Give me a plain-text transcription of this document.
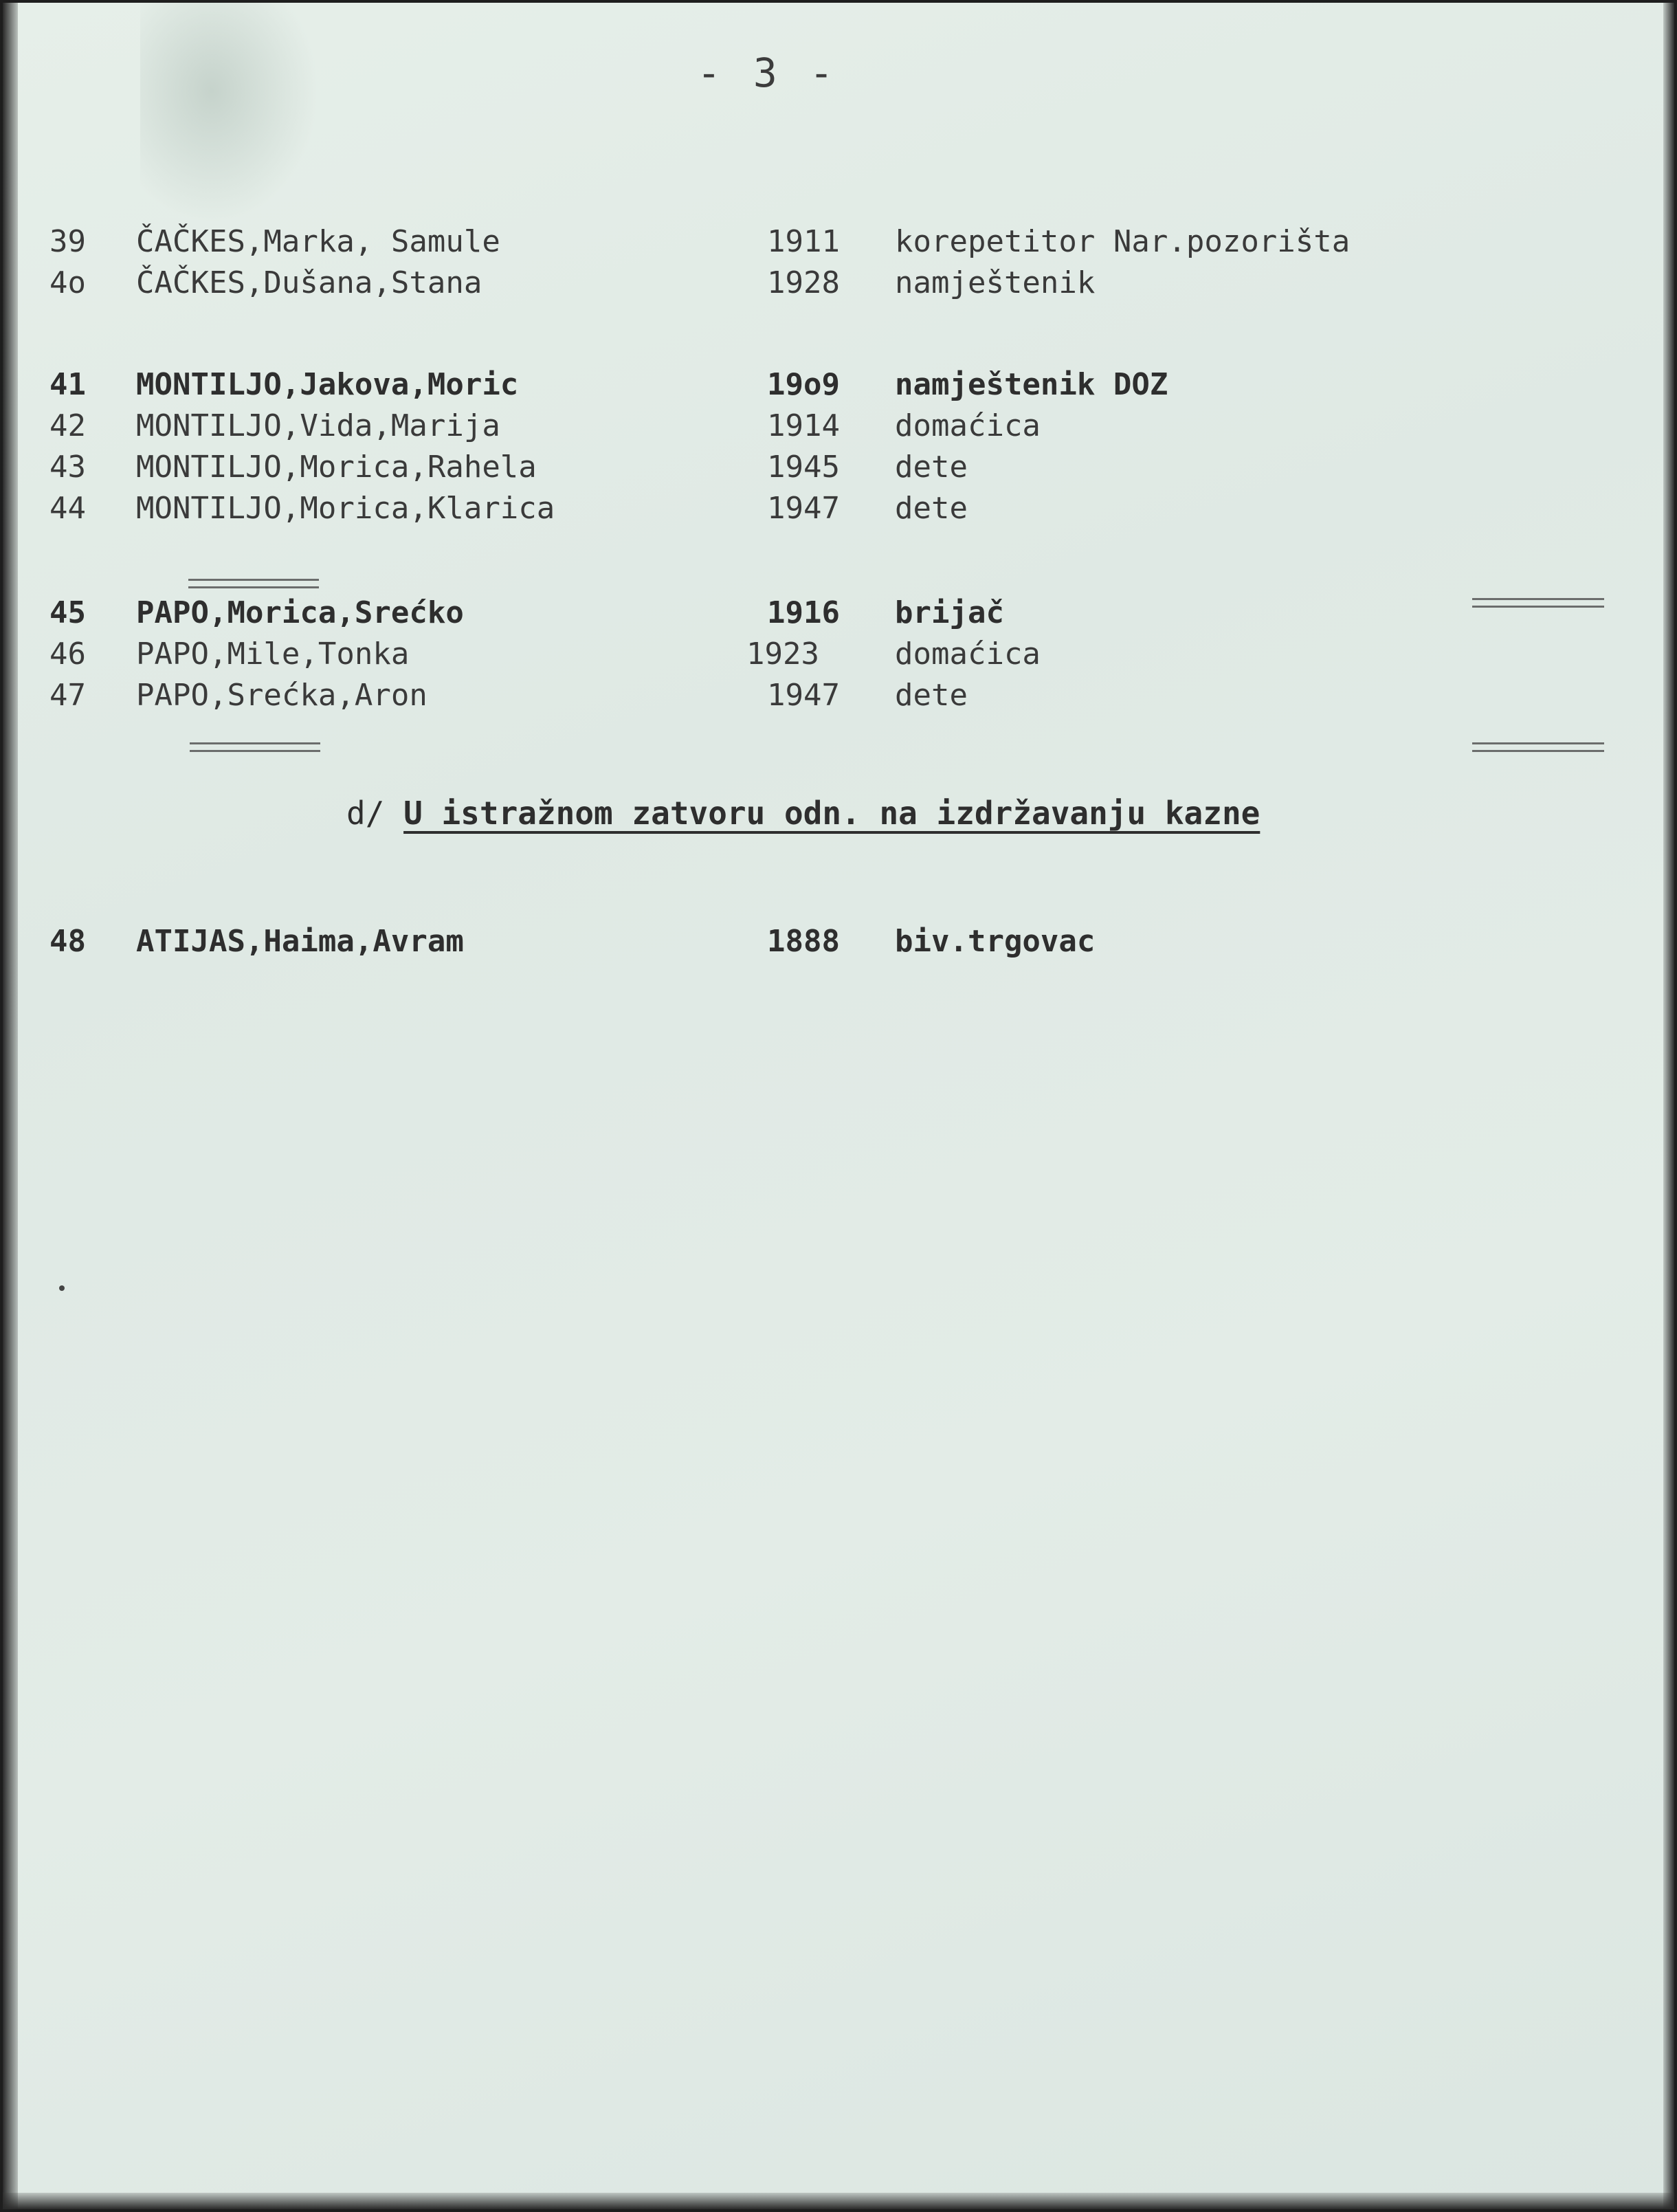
- 3 -
39 ČAČKES,Marka, Samule	1911 korepetitor Nar.pozorišta
4o ČAČKES,Dušana,Stana	1928 namještenik
41 MONTILJO,Jakova,Moric	19o9 namještenik DOZ
42 MONTILJO,Vida,Marija	1914 domaćica
43 MONTILJO,Morica,Rahela	1945 dete
44 MONTILJO,Morica,Klarica	1947 dete
45 PAPO,Morica,Srećko	1916 brijač
46 PAPO,Mile,Tonka	1923	domaćica
47 PAPO,Srećka,Aron	1947 dete
d/ U istražnom zatvoru odn. na izdržavanju kazne
48 ATIJAS,Haima,Avram	1888 biv.trgovac
